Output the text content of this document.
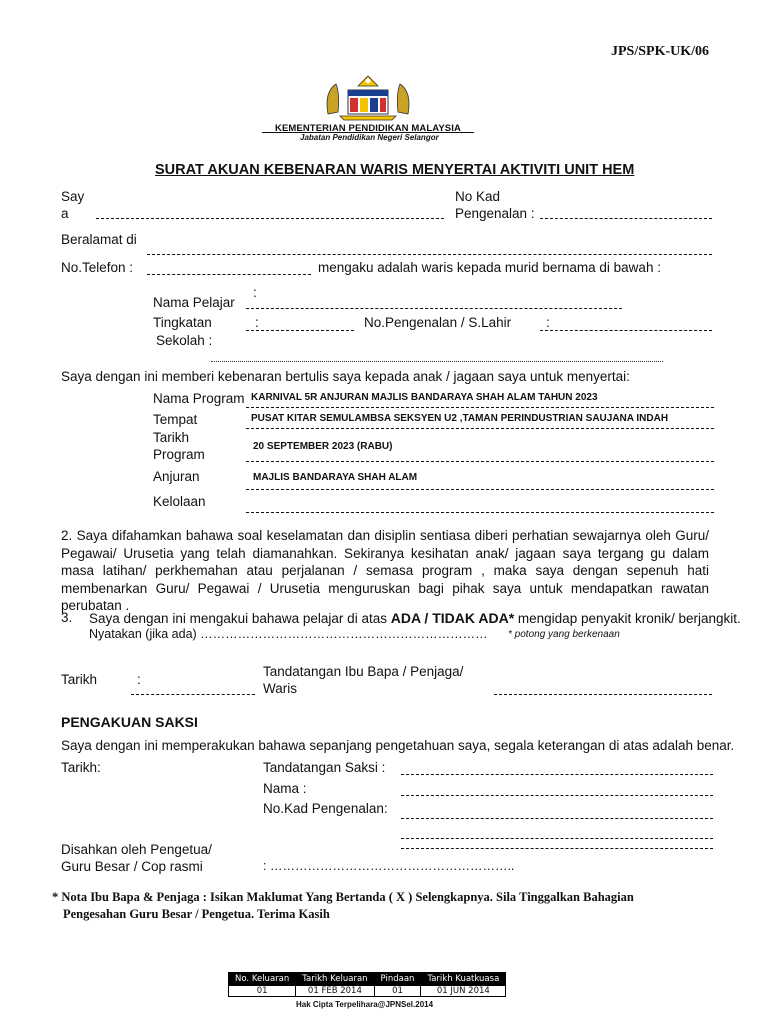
JPS/SPK-UK/06
KEMENTERIAN PENDIDIKAN MALAYSIA
Jabatan Pendidikan Negeri Selangor
SURAT AKUAN KEBENARAN WARIS MENYERTAI AKTIVITI UNIT HEM
Say
a
No Kad
Pengenalan :
Beralamat di
No.Telefon :	mengaku adalah waris kepada murid bernama di bawah :
Nama Pelajar
:
Tingkatan	:	No.Pengenalan / S.Lahir	:
Sekolah :
Saya dengan ini memberi kebenaran bertulis saya kepada anak / jagaan saya untuk menyertai:
Nama Program KARNIVAL 5R ANJURAN MAJLIS BANDARAYA SHAH ALAM TAHUN 2023
Tempat	PUSAT KITAR SEMULAMBSA SEKSYEN U2 ,TAMAN PERINDUSTRIAN SAUJANA INDAH
Tarikh
Program
20 SEPTEMBER 2023 (RABU)
Anjuran	MAJLIS BANDARAYA SHAH ALAM
Kelolaan
2. Saya difahamkan bahawa soal keselamatan dan disiplin sentiasa diberi perhatian sewajarnya oleh Guru/ Pegawai/ Urusetia yang telah diamanahkan. Sekiranya kesihatan anak/ jagaan saya tergang gu dalam masa latihan/ perkhemahan atau perjalanan / semasa program , maka saya dengan sepenuh hati membenarkan Guru/ Pegawai / Urusetia menguruskan bagi pihak saya untuk mendapatkan rawatan perubatan .
3. Saya dengan ini mengakui bahawa pelajar di atas ADA / TIDAK ADA* mengidap penyakit kronik/ berjangkit.
Nyatakan (jika ada) …………………………………………………………… * potong yang berkenaan
Tarikh	:
Tandatangan Ibu Bapa / Penjaga/
Waris
PENGAKUAN SAKSI
Saya dengan ini memperakukan bahawa sepanjang pengetahuan saya, segala keterangan di atas adalah benar.
Tarikh:	Tandatangan Saksi :
Nama :
No.Kad Pengenalan:
Disahkan oleh Pengetua/
Guru Besar / Cop rasmi	: …………………………………………………..
* Nota Ibu Bapa & Penjaga : Isikan Maklumat Yang Bertanda ( X ) Selengkapnya. Sila Tinggalkan Bahagian
Pengesahan Guru Besar / Pengetua. Terima Kasih
No. Keluaran	Tarikh Keluaran	Pindaan	Tarikh Kuatkuasa
01	01 FEB 2014	01	01 JUN 2014
Hak Cipta Terpelihara@JPNSel.2014
